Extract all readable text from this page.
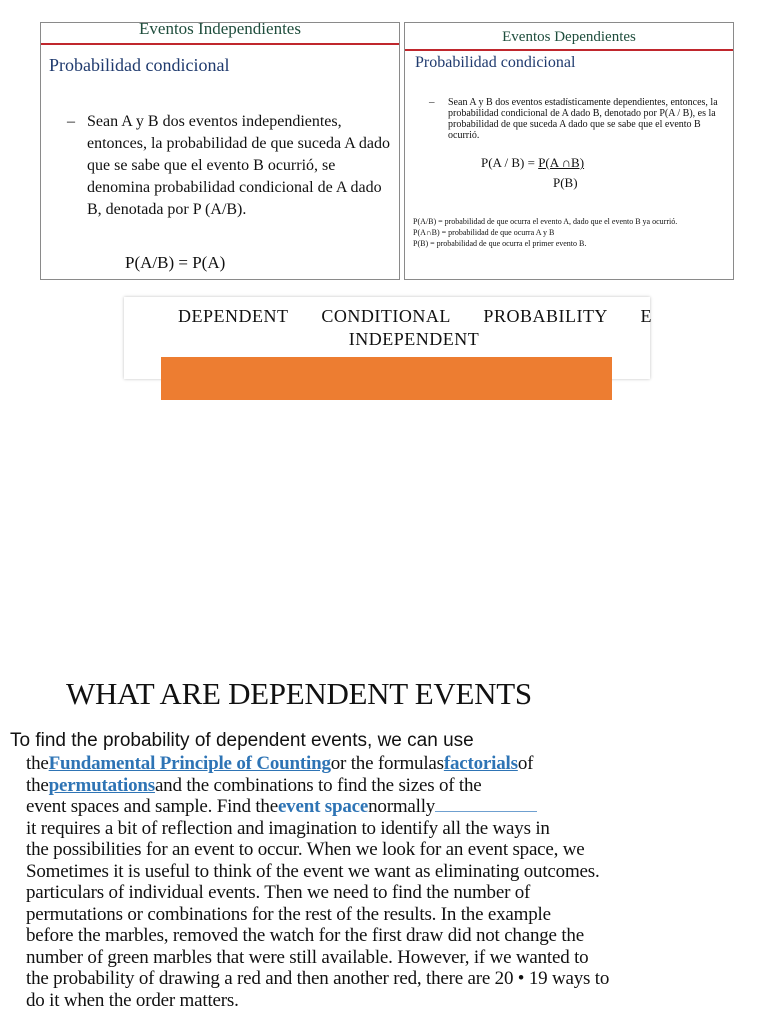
Eventos Independientes
Probabilidad condicional
– Sean A y B dos eventos independientes, entonces, la probabilidad de que suceda A dado que se sabe que el evento B ocurrió, se denomina probabilidad condicional de A dado B, denotada por P (A/B).
P(A/B) = P(A)
Eventos Dependientes
Probabilidad condicional
– Sean A y B dos eventos estadísticamente dependientes, entonces, la probabilidad condicional de A dado B, denotado por P(A / B), es la probabilidad de que suceda A dado que se sabe que el evento B ocurrió.
P(A / B) = P(A ∩B)
P(B)
P(A/B) = probabilidad de que ocurra el evento A, dado que el evento B ya ocurrió.
P(A∩B) = probabilidad de que ocurra A y B
P(B) = probabilidad de que ocurra el primer evento B.
DEPENDENT CONDITIONAL PROBABILITY E
INDEPENDENT
WHAT ARE DEPENDENT EVENTS
To find the probability of dependent events, we can use
theFundamental Principle of Countingor the formulasfactorialsof
thepermutationsand the combinations to find the sizes of the
event spaces and sample. Find theevent spacenormally
it requires a bit of reflection and imagination to identify all the ways in
the possibilities for an event to occur. When we look for an event space, we
Sometimes it is useful to think of the event we want as eliminating outcomes.
particulars of individual events. Then we need to find the number of
permutations or combinations for the rest of the results. In the example
before the marbles, removed the watch for the first draw did not change the
number of green marbles that were still available. However, if we wanted to
the probability of drawing a red and then another red, there are 20 • 19 ways to
do it when the order matters.
